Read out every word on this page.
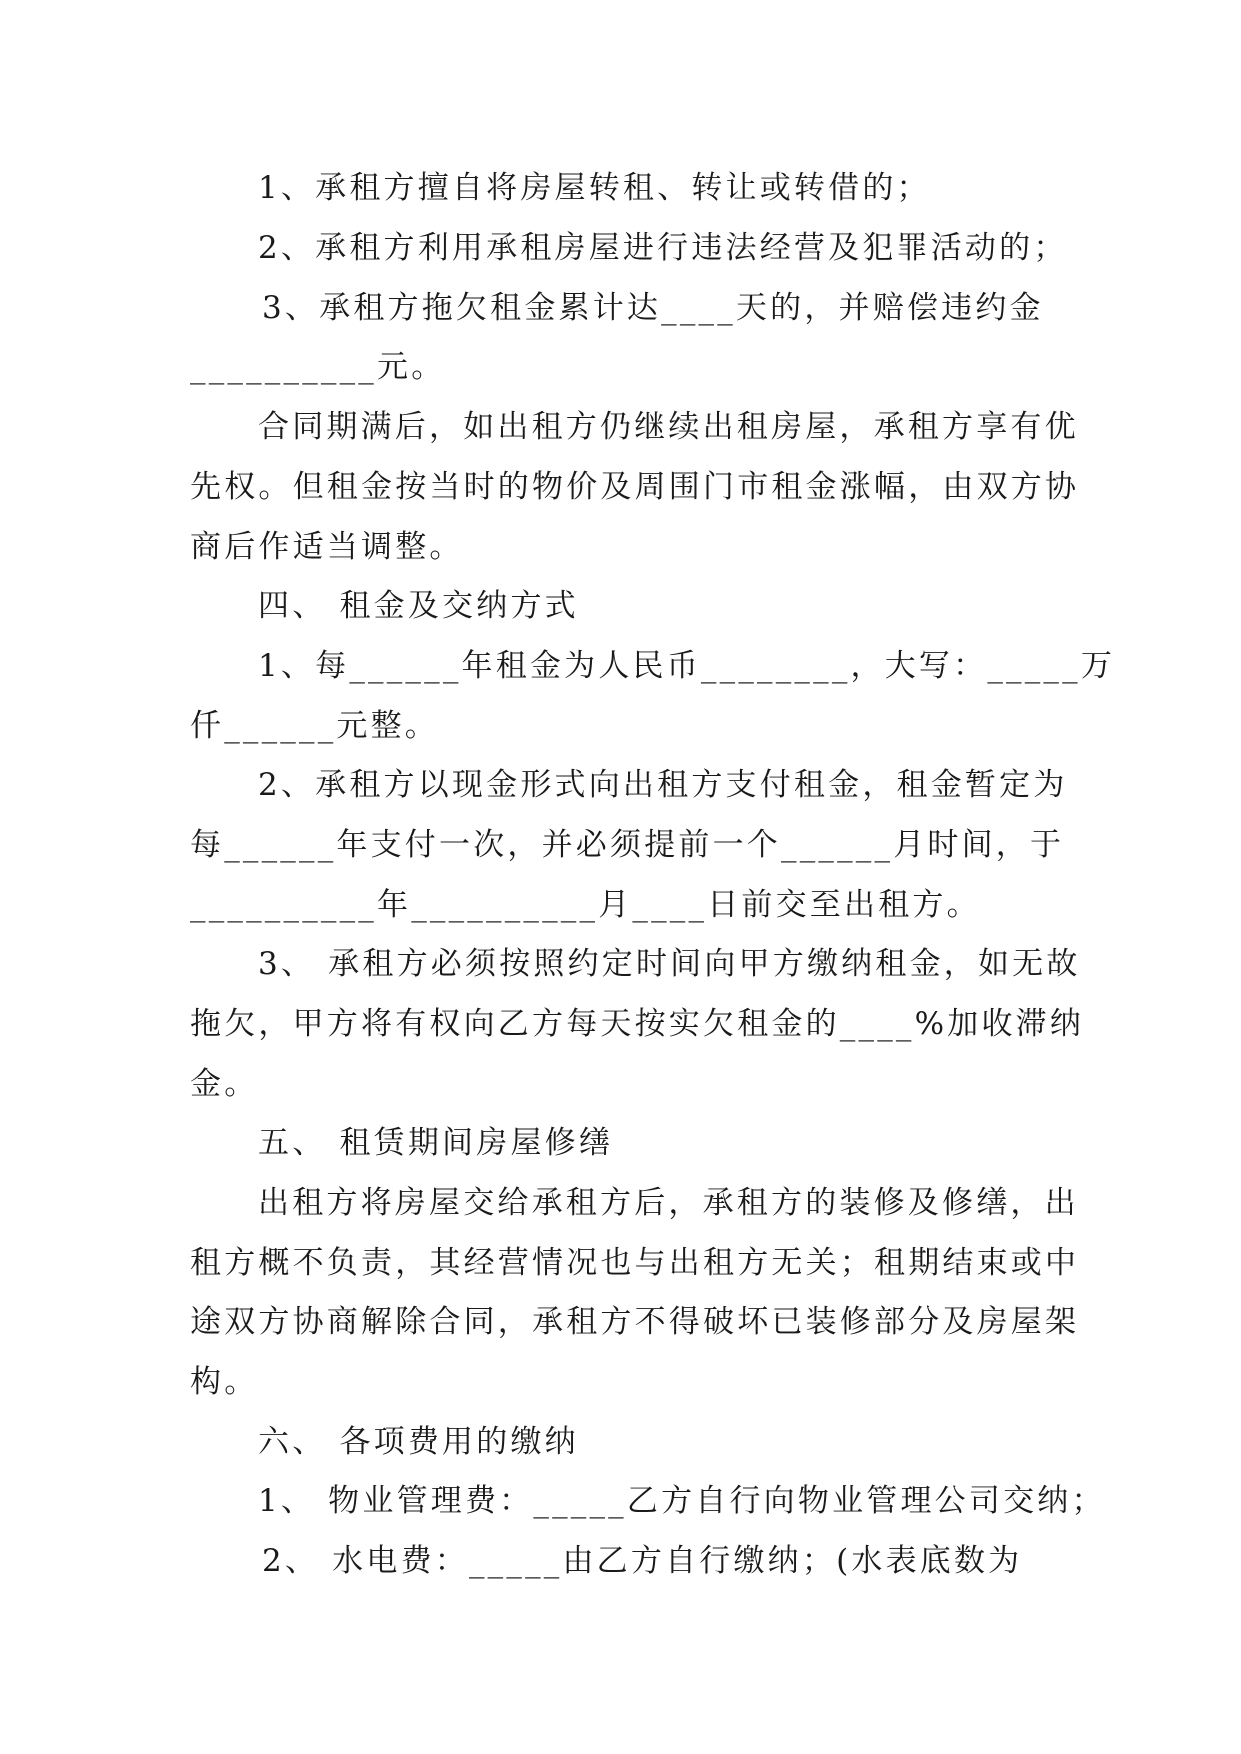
1、承租方擅自将房屋转租、转让或转借的；
2、承租方利用承租房屋进行违法经营及犯罪活动的；
3、承租方拖欠租金累计达____天的，并赔偿违约金
__________元。
合同期满后，如出租方仍继续出租房屋，承租方享有优
先权。但租金按当时的物价及周围门市租金涨幅，由双方协
商后作适当调整。
四、 租金及交纳方式
1、每______年租金为人民币________，大写：_____万
仟______元整。
2、承租方以现金形式向出租方支付租金，租金暂定为
每______年支付一次，并必须提前一个______月时间，于
__________年__________月____日前交至出租方。
3、 承租方必须按照约定时间向甲方缴纳租金，如无故
拖欠，甲方将有权向乙方每天按实欠租金的____%加收滞纳
金。
五、 租赁期间房屋修缮
出租方将房屋交给承租方后，承租方的装修及修缮，出
租方概不负责，其经营情况也与出租方无关；租期结束或中
途双方协商解除合同，承租方不得破坏已装修部分及房屋架
构。
六、 各项费用的缴纳
1、 物业管理费：_____乙方自行向物业管理公司交纳；
2、 水电费：_____由乙方自行缴纳；(水表底数为
